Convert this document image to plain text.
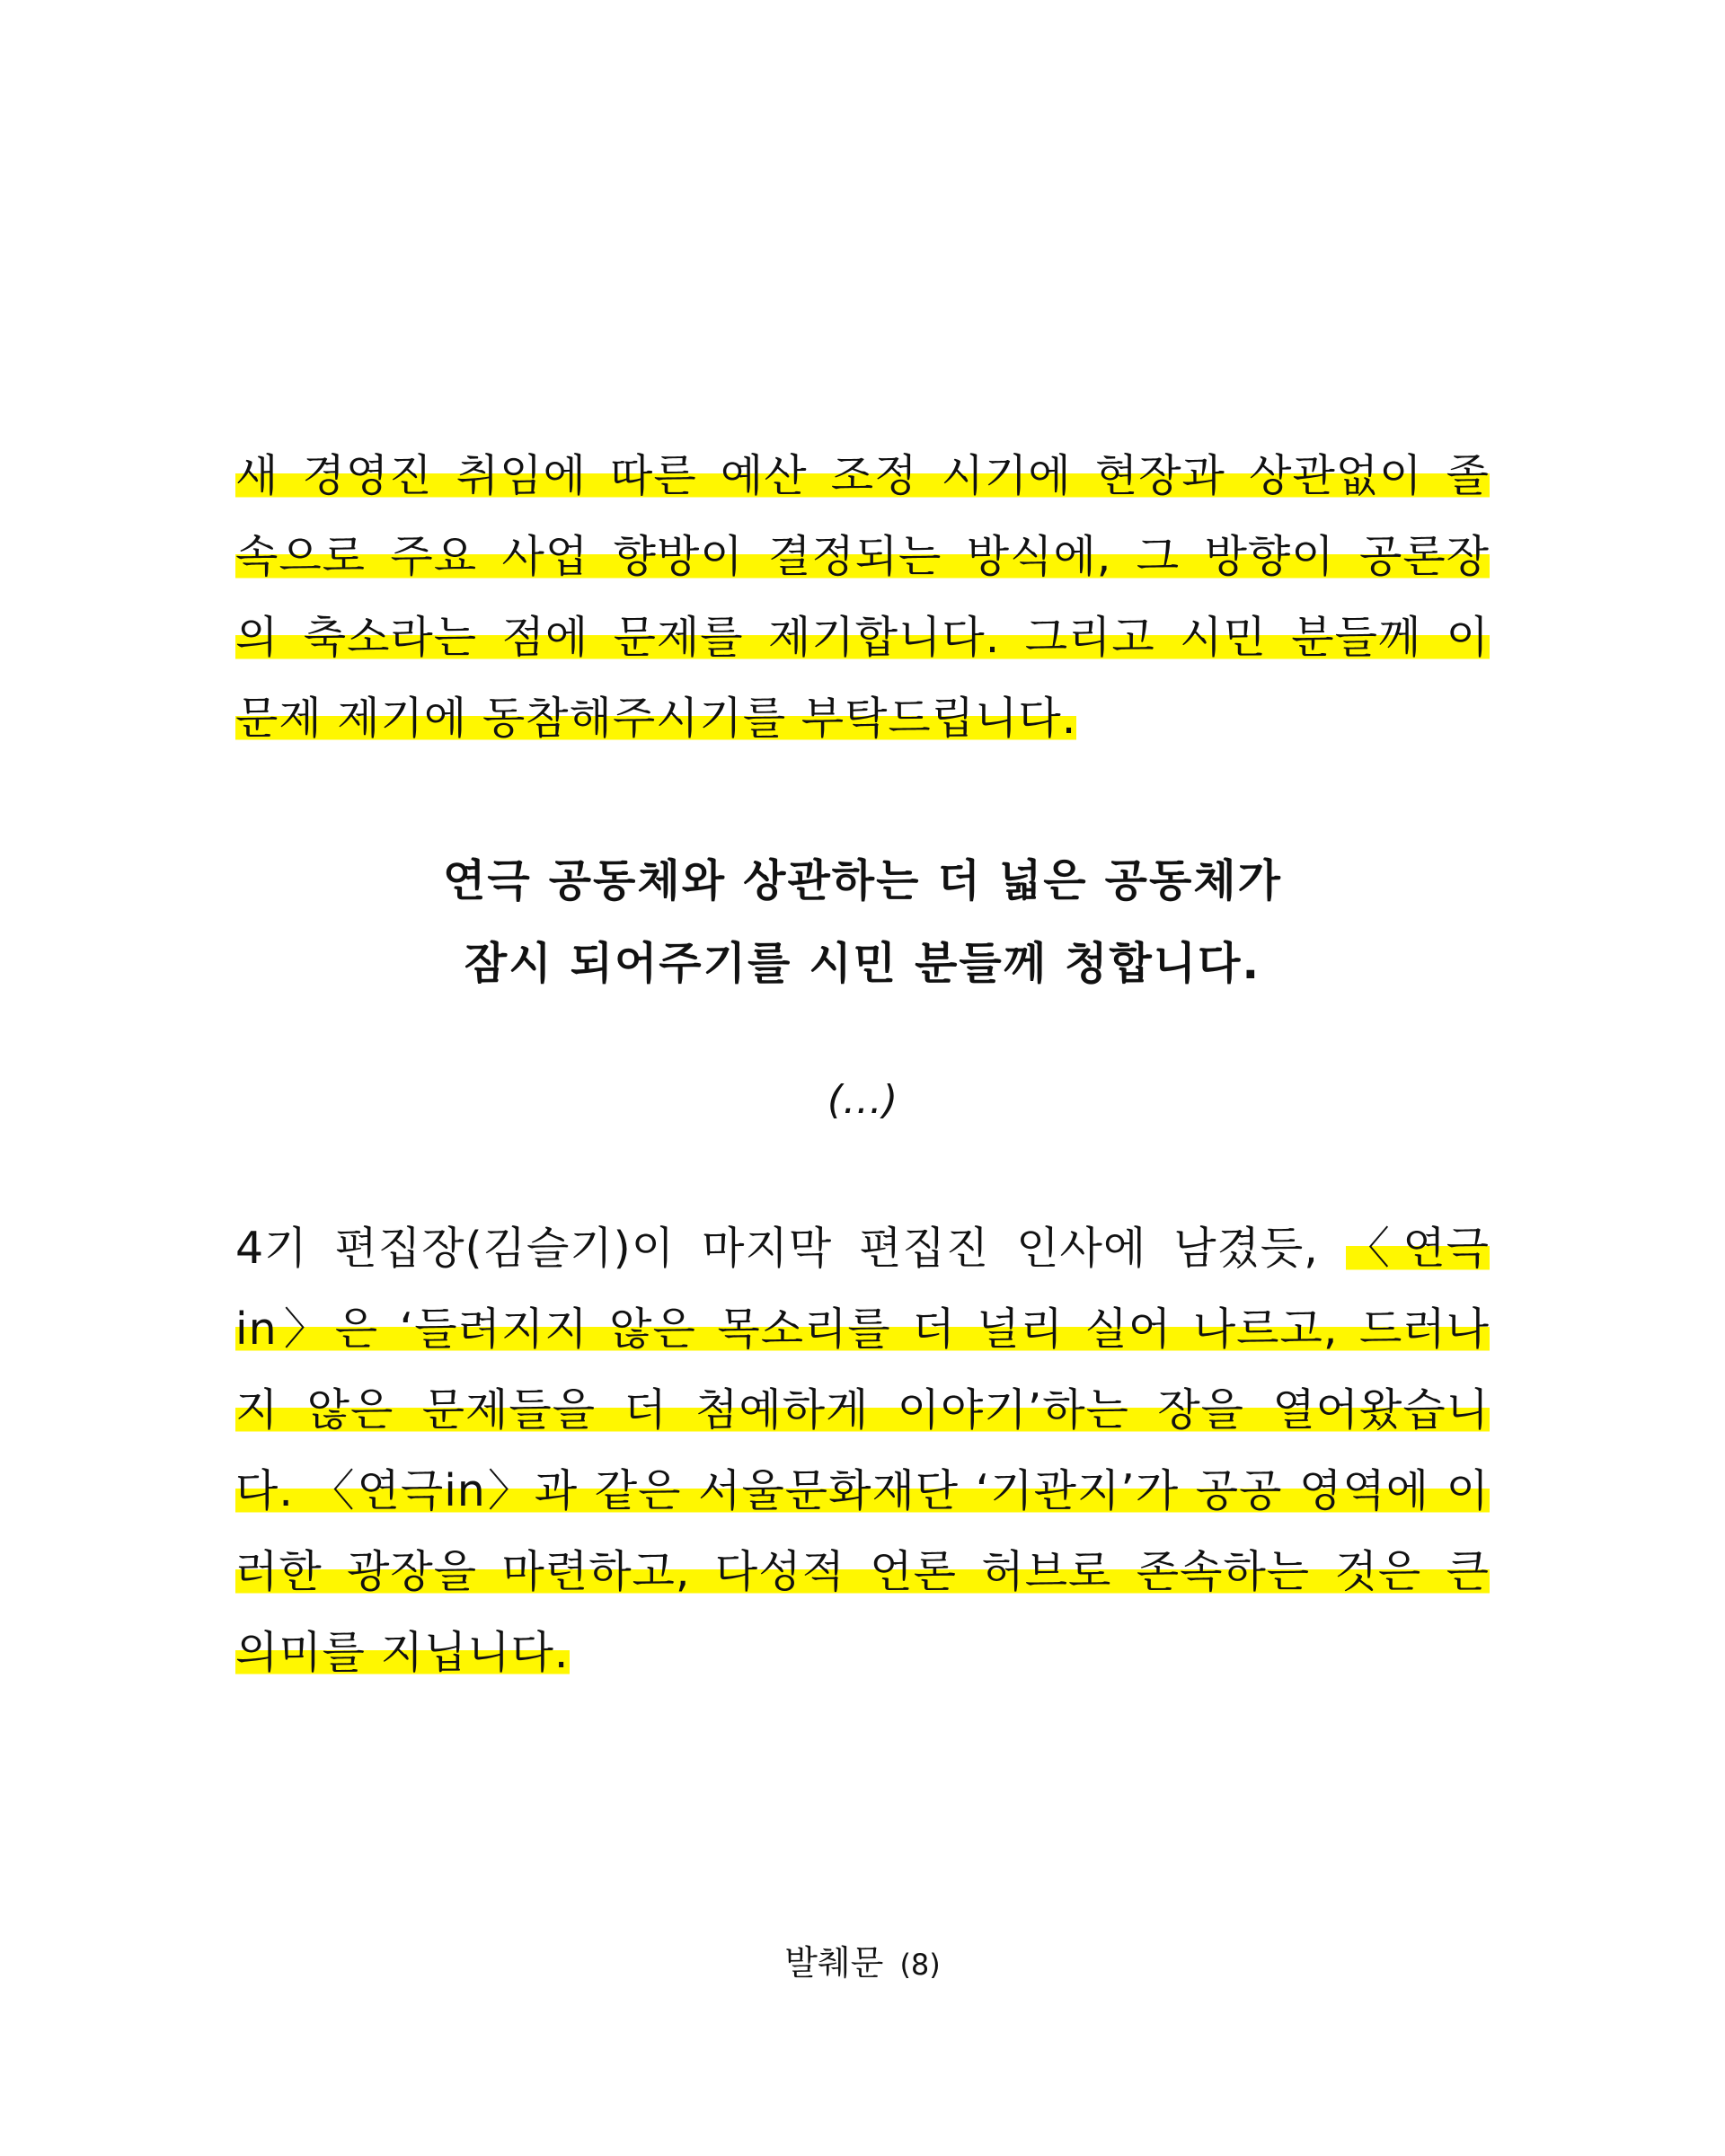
새 경영진 취임에 따른 예산 조정 시기에 현장과 상관없이 졸
속으로 주요 사업 향방이 결정되는 방식에, 그 방향이 공론장
의 축소라는 점에 문제를 제기합니다. 그리고 시민 분들께 이
문제 제기에 동참해주시기를 부탁드립니다.
연극 공동체와 상관하는 더 넓은 공동체가
잠시 되어주기를 시민 분들께 청합니다.
(…)
4기 편집장(김슬기)이 마지막 편집진 인사에 남겼듯, 〈연극
in〉은 ‘들려지지 않은 목소리를 더 널리 실어 나르고, 드러나
지 않은 문제들을 더 첨예하게 이야기’하는 장을 열어왔습니
다. 〈연극in〉과 같은 서울문화재단 ‘기관지’가 공공 영역에 이
러한 광장을 마련하고, 다성적 언론 허브로 존속하는 것은 큰
의미를 지닙니다.
발췌문 (8)
